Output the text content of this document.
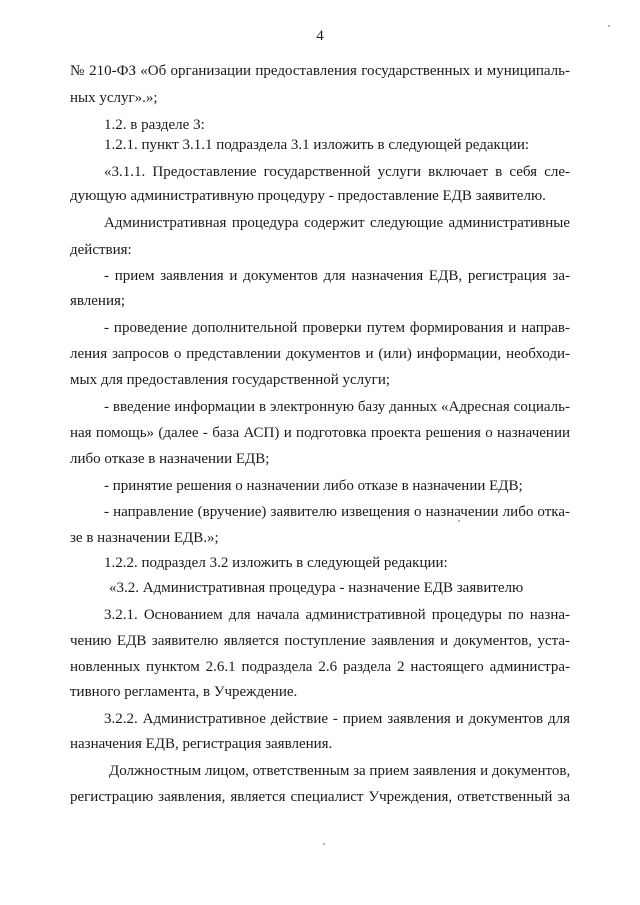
4
№ 210-ФЗ «Об организации предоставления государственных и муниципаль-
ных услуг».»;
1.2. в разделе 3:
1.2.1. пункт 3.1.1 подраздела 3.1 изложить в следующей редакции:
«3.1.1. Предоставление государственной услуги включает в себя сле-
дующую административную процедуру - предоставление ЕДВ заявителю.
Административная процедура содержит следующие административные
действия:
- прием заявления и документов для назначения ЕДВ, регистрация за-
явления;
- проведение дополнительной проверки путем формирования и направ-
ления запросов о представлении документов и (или) информации, необходи-
мых для предоставления государственной услуги;
- введение информации в электронную базу данных «Адресная социаль-
ная помощь» (далее - база АСП) и подготовка проекта решения о назначении
либо отказе в назначении ЕДВ;
- принятие решения о назначении либо отказе в назначении ЕДВ;
- направление (вручение) заявителю извещения о назначении либо отка-
зе в назначении ЕДВ.»;
1.2.2. подраздел 3.2 изложить в следующей редакции:
«3.2. Административная процедура - назначение ЕДВ заявителю
3.2.1. Основанием для начала административной процедуры по назна-
чению ЕДВ заявителю является поступление заявления и документов, уста-
новленных пунктом 2.6.1 подраздела 2.6 раздела 2 настоящего администра-
тивного регламента, в Учреждение.
3.2.2. Административное действие - прием заявления и документов для
назначения ЕДВ, регистрация заявления.
Должностным лицом, ответственным за прием заявления и документов,
регистрацию заявления, является специалист Учреждения, ответственный за
